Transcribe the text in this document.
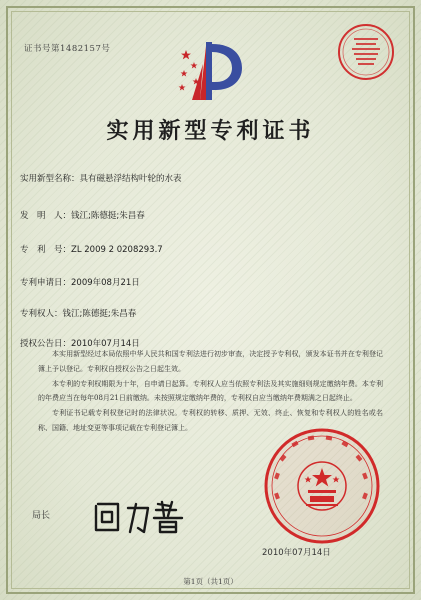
证书号第1482157号
实用新型专利证书
实用新型名称：具有磁悬浮结构叶轮的水表
发　明　人：钱江;陈德挺;朱昌春
专　利　号：ZL 2009 2 0208293.7
专利申请日：2009年08月21日
专利权人：钱江;陈德挺;朱昌春
授权公告日：2010年07月14日

本实用新型经过本局依照中华人民共和国专利法进行初步审查，决定授予专利权，颁发本证书并在专利登记簿上予以登记。专利权自授权公告之日起生效。

本专利的专利权期限为十年，自申请日起算。专利权人应当依照专利法及其实施细则规定缴纳年费。本专利的年费应当在每年08月21日前缴纳。未按照规定缴纳年费的，专利权自应当缴纳年费期满之日起终止。

专利证书记载专利权登记时的法律状况。专利权的转移、质押、无效、终止、恢复和专利权人的姓名或名称、国籍、地址变更等事项记载在专利登记簿上。

局长
2010年07月14日
第1页（共1页）
